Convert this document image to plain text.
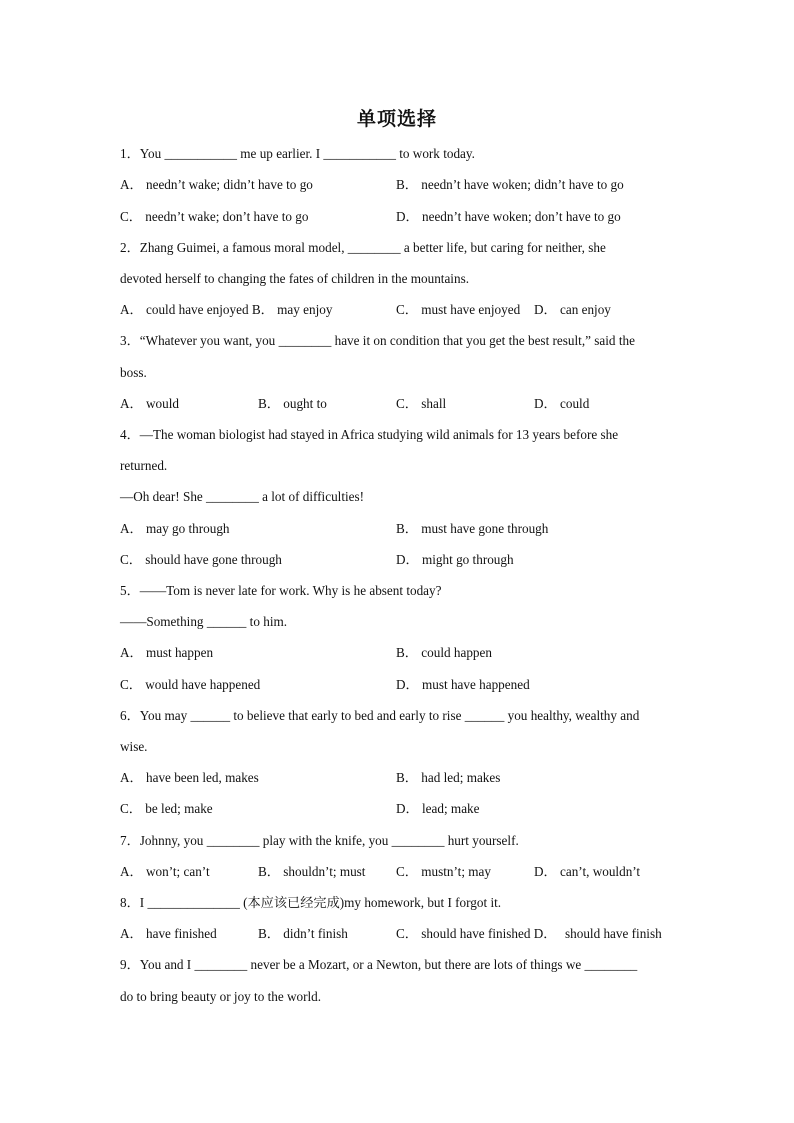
单项选择
1．You ___________ me up earlier. I ___________ to work today.
A． needn’t wake; didn’t have to go	B． needn’t have woken; didn’t have to go
C． needn’t wake; don’t have to go	D． needn’t have woken; don’t have to go
2．Zhang Guimei, a famous moral model, ________ a better life, but caring for neither, she
devoted herself to changing the fates of children in the mountains.
A． could have enjoyed B． may enjoy	C． must have enjoyed D． can enjoy
3．“Whatever you want, you ________ have it on condition that you get the best result,” said the
boss.
A． would	B． ought to	C． shall	D． could
4．—The woman biologist had stayed in Africa studying wild animals for 13 years before she
returned.
—Oh dear! She ________ a lot of difficulties!
A． may go through	B． must have gone through
C． should have gone through	D． might go through
5．——Tom is never late for work. Why is he absent today?
——Something ______ to him.
A． must happen	B． could happen
C． would have happened	D． must have happened
6．You may ______ to believe that early to bed and early to rise ______ you healthy, wealthy and
wise.
A． have been led, makes	B． had led; makes
C． be led; make	D． lead; make
7．Johnny, you ________ play with the knife, you ________ hurt yourself.
A． won’t; can’t	B． shouldn’t; must C． mustn’t; may	D． can’t, wouldn’t
8．I ______________ (本应该已经完成)my homework, but I forgot it.
A． have finished	B． didn’t finish	C． should have finished D． should have finish
9．You and I ________ never be a Mozart, or a Newton, but there are lots of things we ________
do to bring beauty or joy to the world.
